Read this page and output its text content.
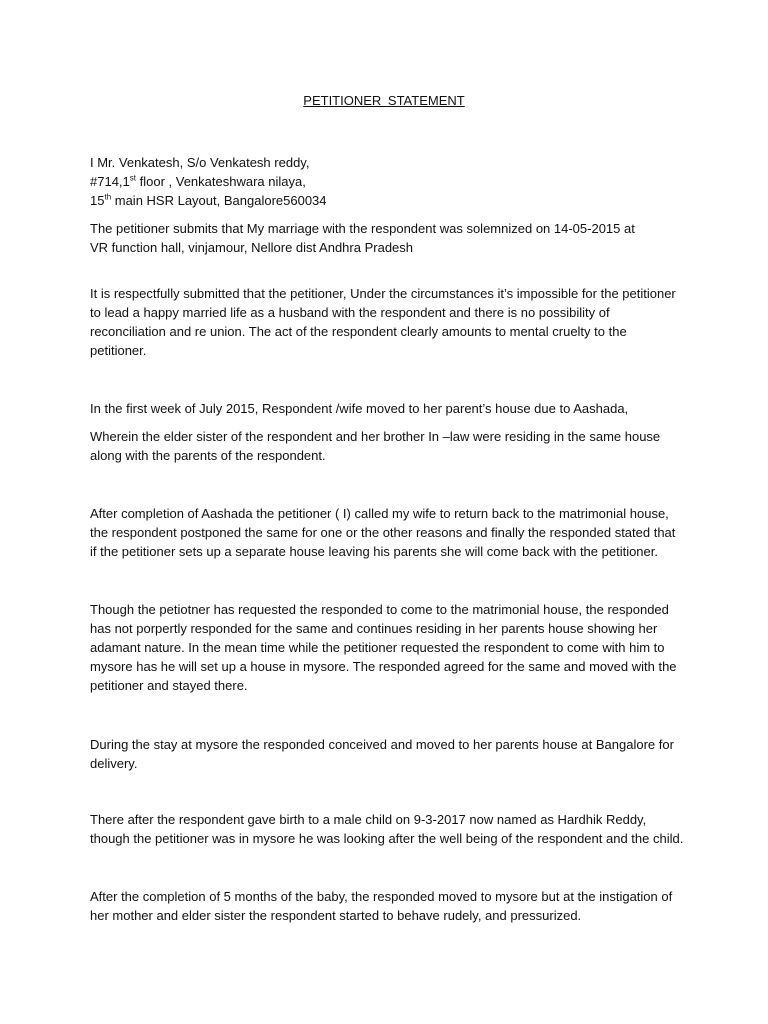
PETITIONER STATEMENT
I Mr. Venkatesh, S/o Venkatesh reddy,
#714,1st floor , Venkateshwara nilaya,
15th main HSR Layout, Bangalore560034
The petitioner submits that My marriage with the respondent was solemnized on 14-05-2015 at
VR function hall, vinjamour, Nellore dist Andhra Pradesh
It is respectfully submitted that the petitioner, Under the circumstances it’s impossible for the petitioner
to lead a happy married life as a husband with the respondent and there is no possibility of
reconciliation and re union. The act of the respondent clearly amounts to mental cruelty to the
petitioner.
In the first week of July 2015, Respondent /wife moved to her parent’s house due to Aashada,
Wherein the elder sister of the respondent and her brother In –law were residing in the same house
along with the parents of the respondent.
After completion of Aashada the petitioner ( I) called my wife to return back to the matrimonial house,
the respondent postponed the same for one or the other reasons and finally the responded stated that
if the petitioner sets up a separate house leaving his parents she will come back with the petitioner.
Though the petiotner has requested the responded to come to the matrimonial house, the responded
has not porpertly responded for the same and continues residing in her parents house showing her
adamant nature. In the mean time while the petitioner requested the respondent to come with him to
mysore has he will set up a house in mysore. The responded agreed for the same and moved with the
petitioner and stayed there.
During the stay at mysore the responded conceived and moved to her parents house at Bangalore for
delivery.
There after the respondent gave birth to a male child on 9-3-2017 now named as Hardhik Reddy,
though the petitioner was in mysore he was looking after the well being of the respondent and the child.
After the completion of 5 months of the baby, the responded moved to mysore but at the instigation of
her mother and elder sister the respondent started to behave rudely, and pressurized.
